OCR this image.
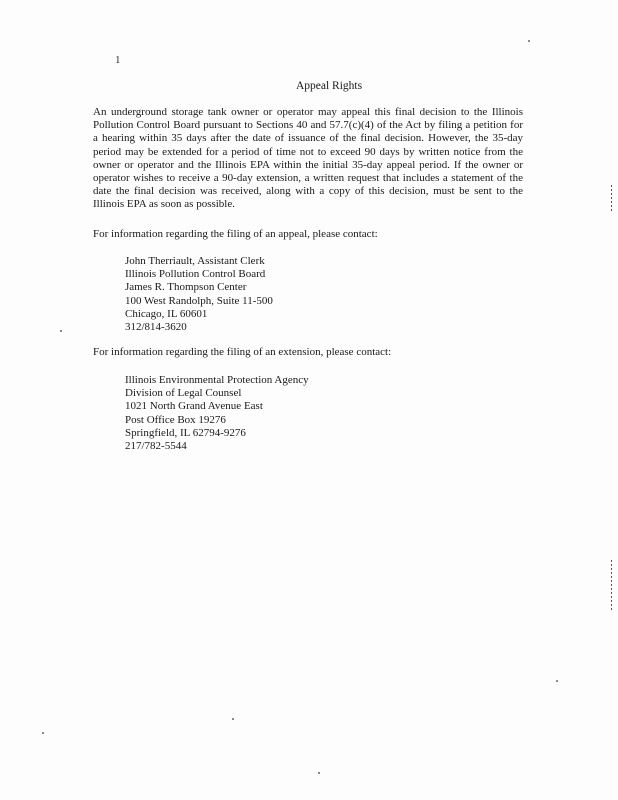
1
Appeal Rights
An underground storage tank owner or operator may appeal this final decision to the Illinois Pollution Control Board pursuant to Sections 40 and 57.7(c)(4) of the Act by filing a petition for a hearing within 35 days after the date of issuance of the final decision. However, the 35-day period may be extended for a period of time not to exceed 90 days by written notice from the owner or operator and the Illinois EPA within the initial 35-day appeal period. If the owner or operator wishes to receive a 90-day extension, a written request that includes a statement of the date the final decision was received, along with a copy of this decision, must be sent to the Illinois EPA as soon as possible.
For information regarding the filing of an appeal, please contact:
John Therriault, Assistant Clerk
Illinois Pollution Control Board
James R. Thompson Center
100 West Randolph, Suite 11-500
Chicago, IL 60601
312/814-3620
For information regarding the filing of an extension, please contact:
Illinois Environmental Protection Agency
Division of Legal Counsel
1021 North Grand Avenue East
Post Office Box 19276
Springfield, IL 62794-9276
217/782-5544
